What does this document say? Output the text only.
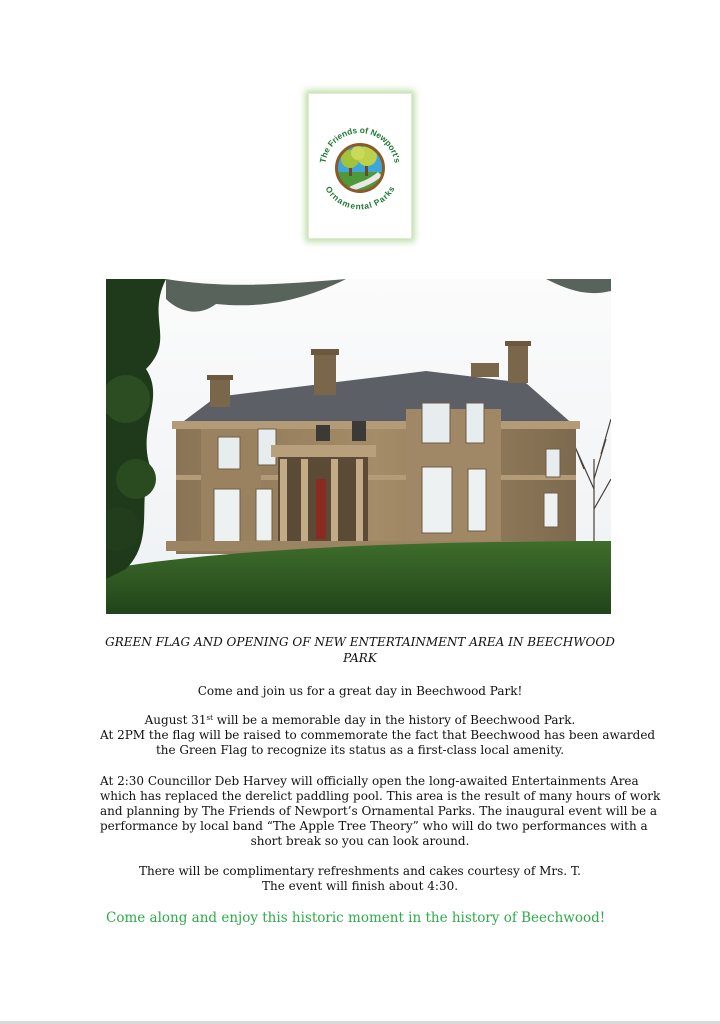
The Friends of Newport's
Ornamental Parks
GREEN FLAG AND OPENING OF NEW ENTERTAINMENT AREA IN BEECHWOOD
PARK
Come and join us for a great day in Beechwood Park!
August 31st will be a memorable day in the history of Beechwood Park.
At 2PM the flag will be raised to commemorate the fact that Beechwood has been awarded
the Green Flag to recognize its status as a first-class local amenity.
At 2:30 Councillor Deb Harvey will officially open the long-awaited Entertainments Area
which has replaced the derelict paddling pool. This area is the result of many hours of work
and planning by The Friends of Newport’s Ornamental Parks. The inaugural event will be a
performance by local band “The Apple Tree Theory” who will do two performances with a
short break so you can look around.
There will be complimentary refreshments and cakes courtesy of Mrs. T.
The event will finish about 4:30.
Come along and enjoy this historic moment in the history of Beechwood!
